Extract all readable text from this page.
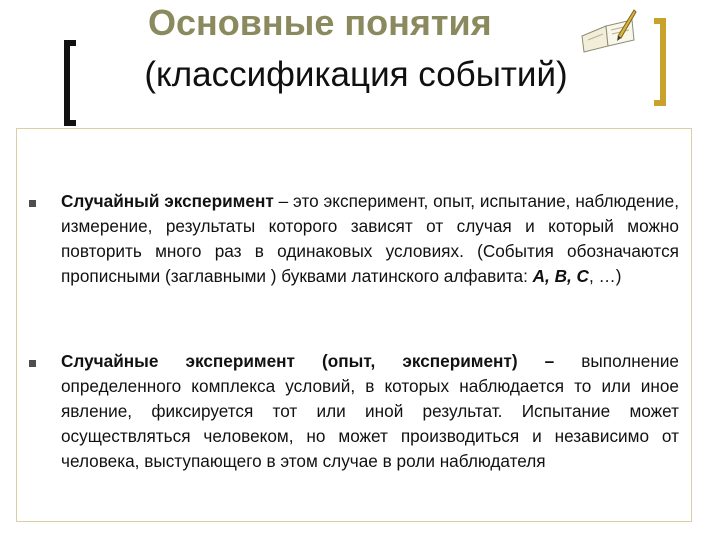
Основные понятия
(классификация событий)
Случайный эксперимент – это эксперимент, опыт, испытание, наблюдение, измерение, результаты которого зависят от случая и который можно повторить много раз в одинаковых условиях. (События обозначаются прописными (заглавными ) буквами латинского алфавита: А, В, С, …)
Случайные эксперимент (опыт, эксперимент) – выполнение определенного комплекса условий, в которых наблюдается то или иное явление, фиксируется тот или иной результат. Испытание может осуществляться человеком, но может производиться и независимо от человека, выступающего в этом случае в роли наблюдателя
